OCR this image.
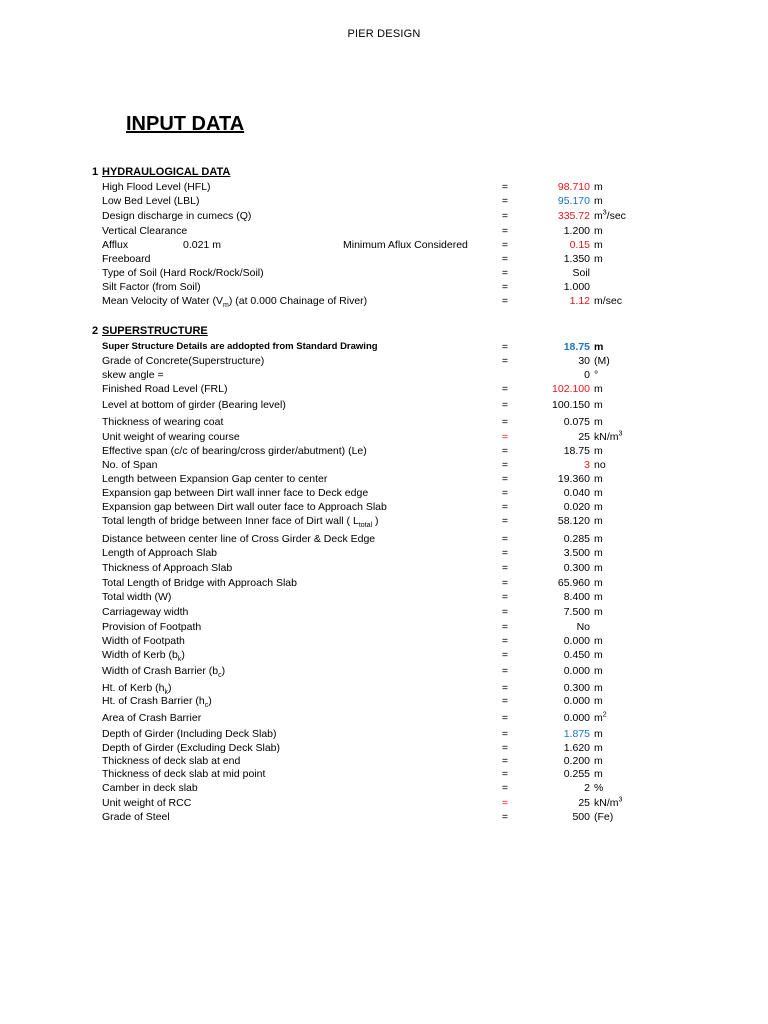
PIER DESIGN
INPUT DATA
1 HYDRAULOGICAL DATA
2 SUPERSTRUCTURE
High Flood Level (HFL)	=	98.710 m
Low Bed Level (LBL)	=	95.170 m
Design discharge in cumecs (Q)	=	335.72 $m^3/\sec$
Vertical Clearance	=	1.200 m
Afflux	0.021 m	Minimum Aflux Considered	=	0.15 m
Freeboard	=	1.350 m
Type of Soil (Hard Rock/Rock/Soil)	=	Soil
Silt Factor (from Soil)	=	1.000
Mean Velocity of Water $(V_m)$ (at 0.000 Chainage of River)	=	1.12 m/sec
Super Structure Details are addopted from Standard Drawing	=	18.75 m
Grade of Concrete(Superstructure)	=	30 (M)
skew angle =	0 °
Finished Road Level (FRL)	=	102.100 m
Level at bottom of girder (Bearing level)	=	100.150 m
Thickness of wearing coat	=	0.075 m
Unit weight of wearing course	=	25 $kN/m^3$
Effective span (c/c of bearing/cross girder/abutment) (Le)	=	18.75 m
No. of Span	=	3 no
Length between Expansion Gap center to center	=	19.360 m
Expansion gap between Dirt wall inner face to Deck edge	=	0.040 m
Expansion gap between Dirt wall outer face to Approach Slab	=	0.020 m
Total length of bridge between Inner face of Dirt wall ( $L_{total}$ )	=	58.120 m
Distance between center line of Cross Girder & Deck Edge	=	0.285 m
Length of Approach Slab	=	3.500 m
Thickness of Approach Slab	=	0.300 m
Total Length of Bridge with Approach Slab	=	65.960 m
Total width (W)	=	8.400 m
Carriageway width	=	7.500 m
Provision of Footpath	=	No
Width of Footpath	=	0.000 m
Width of Kerb $(b_k)$	=	0.450 m
Width of Crash Barrier $(b_c)$	=	0.000 m
Ht. of Kerb $(h_k)$	=	0.300 m
Ht. of Crash Barrier $(h_c)$	=	0.000 m
Area of Crash Barrier	=	0.000 $m^2$
Depth of Girder (Including Deck Slab)	=	1.875 m
Depth of Girder (Excluding Deck Slab)	=	1.620 m
Thickness of deck slab at end	=	0.200 m
Thickness of deck slab at mid point	=	0.255 m
Camber in deck slab	=	2 %
Unit weight of RCC	=	25 $kN/m^3$
Grade of Steel	=	500 (Fe)
